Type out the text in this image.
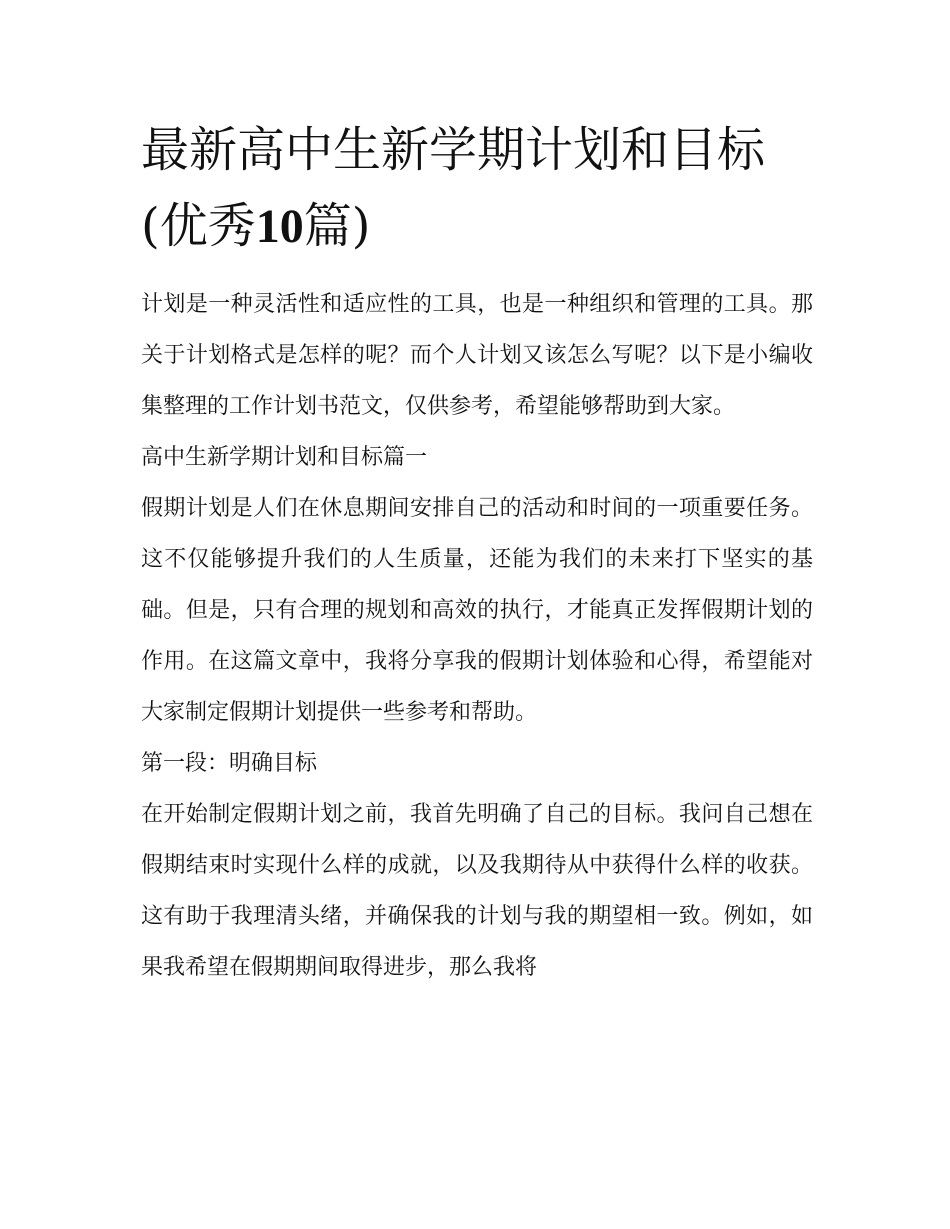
最新高中生新学期计划和目标
(优秀10篇)

计划是一种灵活性和适应性的工具，也是一种组织和管理的工具。那关于计划格式是怎样的呢？而个人计划又该怎么写呢？以下是小编收集整理的工作计划书范文，仅供参考，希望能够帮助到大家。

高中生新学期计划和目标篇一

假期计划是人们在休息期间安排自己的活动和时间的一项重要任务。这不仅能够提升我们的人生质量，还能为我们的未来打下坚实的基础。但是，只有合理的规划和高效的执行，才能真正发挥假期计划的作用。在这篇文章中，我将分享我的假期计划体验和心得，希望能对大家制定假期计划提供一些参考和帮助。

第一段：明确目标

在开始制定假期计划之前，我首先明确了自己的目标。我问自己想在假期结束时实现什么样的成就，以及我期待从中获得什么样的收获。这有助于我理清头绪，并确保我的计划与我的期望相一致。例如，如果我希望在假期期间取得进步，那么我将
